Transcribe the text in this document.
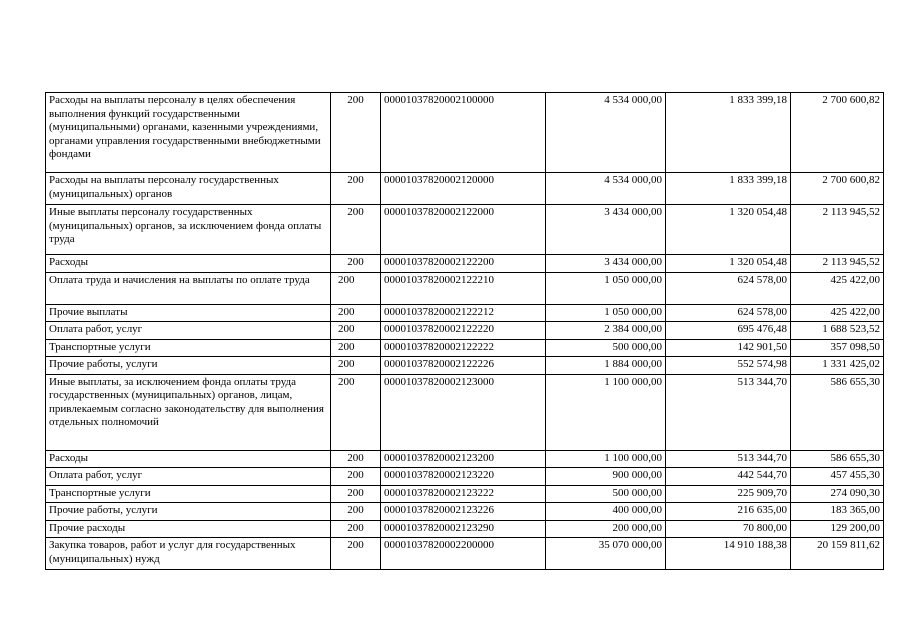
Расходы на выплаты персоналу в целях обеспечения выполнения функций государственными (муниципальными) органами, казенными учреждениями, органами управления государственными внебюджетными фондами	200	00001037820002100000	4 534 000,00	1 833 399,18	2 700 600,82
Расходы на выплаты персоналу государственных (муниципальных) органов	200	00001037820002120000	4 534 000,00	1 833 399,18	2 700 600,82
Иные выплаты персоналу государственных (муниципальных) органов, за исключением фонда оплаты труда	200	00001037820002122000	3 434 000,00	1 320 054,48	2 113 945,52
Расходы	200	00001037820002122200	3 434 000,00	1 320 054,48	2 113 945,52
Оплата труда и начисления на выплаты по оплате труда	200	00001037820002122210	1 050 000,00	624 578,00	425 422,00
Прочие выплаты	200	00001037820002122212	1 050 000,00	624 578,00	425 422,00
Оплата работ, услуг	200	00001037820002122220	2 384 000,00	695 476,48	1 688 523,52
Транспортные услуги	200	00001037820002122222	500 000,00	142 901,50	357 098,50
Прочие работы, услуги	200	00001037820002122226	1 884 000,00	552 574,98	1 331 425,02
Иные выплаты, за исключением фонда оплаты труда государственных (муниципальных) органов, лицам, привлекаемым согласно законодательству для выполнения отдельных полномочий	200	00001037820002123000	1 100 000,00	513 344,70	586 655,30
Расходы	200	00001037820002123200	1 100 000,00	513 344,70	586 655,30
Оплата работ, услуг	200	00001037820002123220	900 000,00	442 544,70	457 455,30
Транспортные услуги	200	00001037820002123222	500 000,00	225 909,70	274 090,30
Прочие работы, услуги	200	00001037820002123226	400 000,00	216 635,00	183 365,00
Прочие расходы	200	00001037820002123290	200 000,00	70 800,00	129 200,00
Закупка товаров, работ и услуг для государственных (муниципальных) нужд	200	00001037820002200000	35 070 000,00	14 910 188,38	20 159 811,62
